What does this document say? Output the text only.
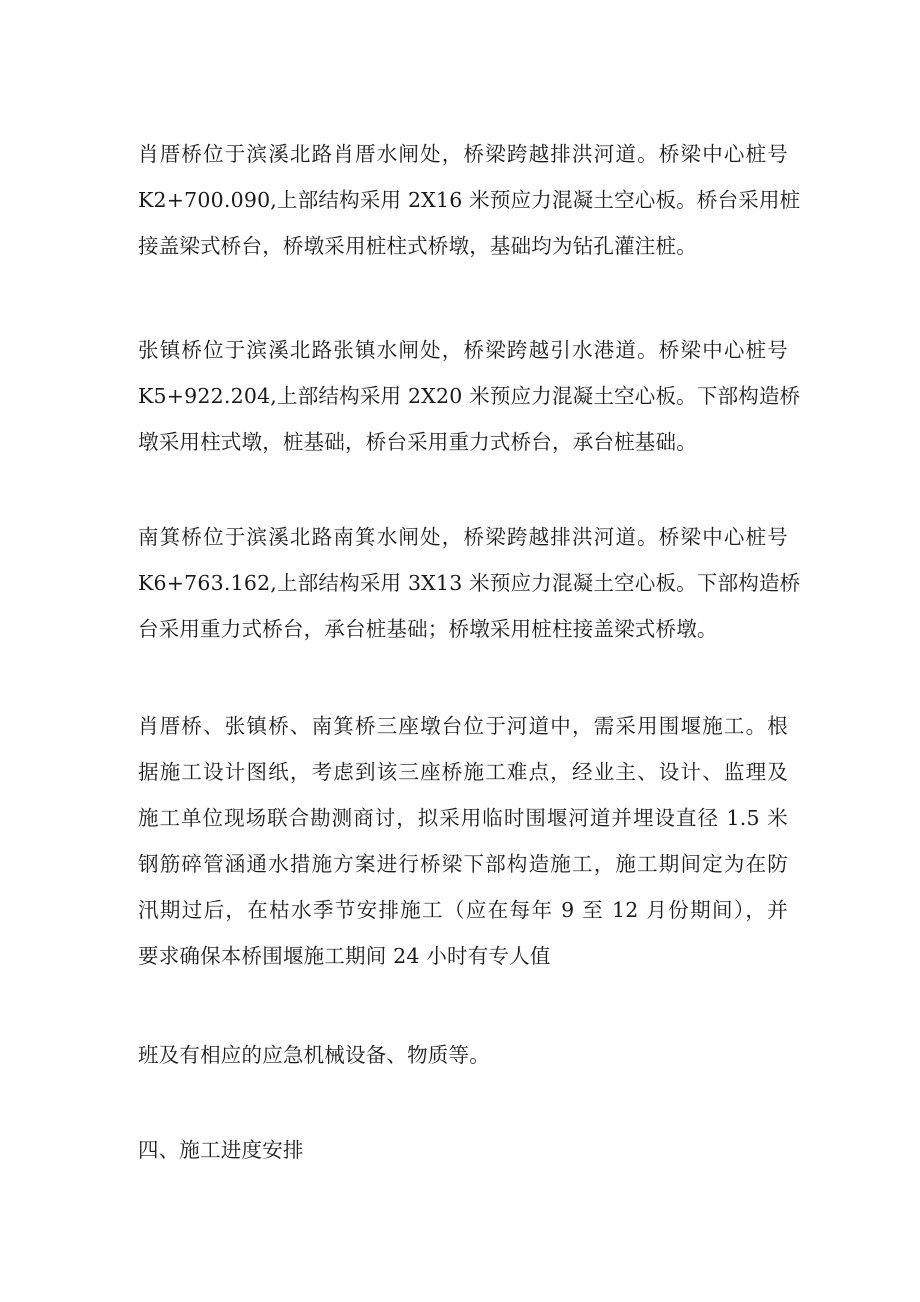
肖厝桥位于滨溪北路肖厝水闸处，桥梁跨越排洪河道。桥梁中心桩号
K2+700.090,上部结构采用 2X16 米预应力混凝土空心板。桥台采用桩
接盖梁式桥台，桥墩采用桩柱式桥墩，基础均为钻孔灌注桩。
张镇桥位于滨溪北路张镇水闸处，桥梁跨越引水港道。桥梁中心桩号
K5+922.204,上部结构采用 2X20 米预应力混凝土空心板。下部构造桥
墩采用柱式墩，桩基础，桥台采用重力式桥台，承台桩基础。
南箕桥位于滨溪北路南箕水闸处，桥梁跨越排洪河道。桥梁中心桩号
K6+763.162,上部结构采用 3X13 米预应力混凝土空心板。下部构造桥
台采用重力式桥台，承台桩基础；桥墩采用桩柱接盖梁式桥墩。
肖厝桥、张镇桥、南箕桥三座墩台位于河道中，需采用围堰施工。根
据施工设计图纸，考虑到该三座桥施工难点，经业主、设计、监理及
施工单位现场联合勘测商讨，拟采用临时围堰河道并埋设直径 1.5 米
钢筋碎管涵通水措施方案进行桥梁下部构造施工，施工期间定为在防
汛期过后，在枯水季节安排施工（应在每年 9 至 12 月份期间），并
要求确保本桥围堰施工期间 24 小时有专人值
班及有相应的应急机械设备、物质等。
四、施工进度安排
